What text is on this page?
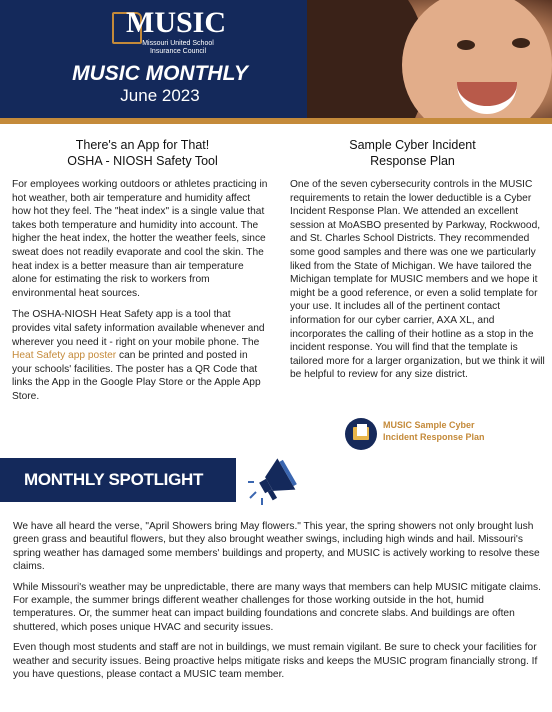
MUSIC
Missouri United School Insurance Council
MUSIC MONTHLY
June 2023
There's an App for That!
OSHA - NIOSH Safety Tool

For employees working outdoors or athletes practicing in hot weather, both air temperature and humidity affect how hot they feel. The "heat index" is a single value that takes both temperature and humidity into account. The higher the heat index, the hotter the weather feels, since sweat does not readily evaporate and cool the skin. The heat index is a better measure than air temperature alone for estimating the risk to workers from environmental heat sources.

The OSHA-NIOSH Heat Safety app is a tool that provides vital safety information available whenever and wherever you need it - right on your mobile phone. The Heat Safety app poster can be printed and posted in your schools' facilities. The poster has a QR Code that links the App in the Google Play Store or the Apple App Store.

Sample Cyber Incident
Response Plan

One of the seven cybersecurity controls in the MUSIC requirements to retain the lower deductible is a Cyber Incident Response Plan. We attended an excellent session at MoASBO presented by Parkway, Rockwood, and St. Charles School Districts. They recommended some good samples and there was one we particularly liked from the State of Michigan. We have tailored the Michigan template for MUSIC members and we hope it might be a good reference, or even a solid template for your use. It includes all of the pertinent contact information for our cyber carrier, AXA XL, and incorporates the calling of their hotline as a stop in the incident response. You will find that the template is tailored more for a larger organization, but we think it will be helpful to review for any size district.

MUSIC Sample Cyber
Incident Response Plan
MONTHLY SPOTLIGHT

We have all heard the verse, "April Showers bring May flowers." This year, the spring showers not only brought lush green grass and beautiful flowers, but they also brought weather swings, including high winds and hail. Missouri's spring weather has damaged some members' buildings and property, and MUSIC is actively working to resolve these claims.

While Missouri's weather may be unpredictable, there are many ways that members can help MUSIC mitigate claims. For example, the summer brings different weather challenges for those working outside in the hot, humid temperatures. Or, the summer heat can impact building foundations and concrete slabs. And buildings are often shuttered, which poses unique HVAC and security issues.

Even though most students and staff are not in buildings, we must remain vigilant. Be sure to check your facilities for weather and security issues. Being proactive helps mitigate risks and keeps the MUSIC program financially strong. If you have questions, please contact a MUSIC team member.
